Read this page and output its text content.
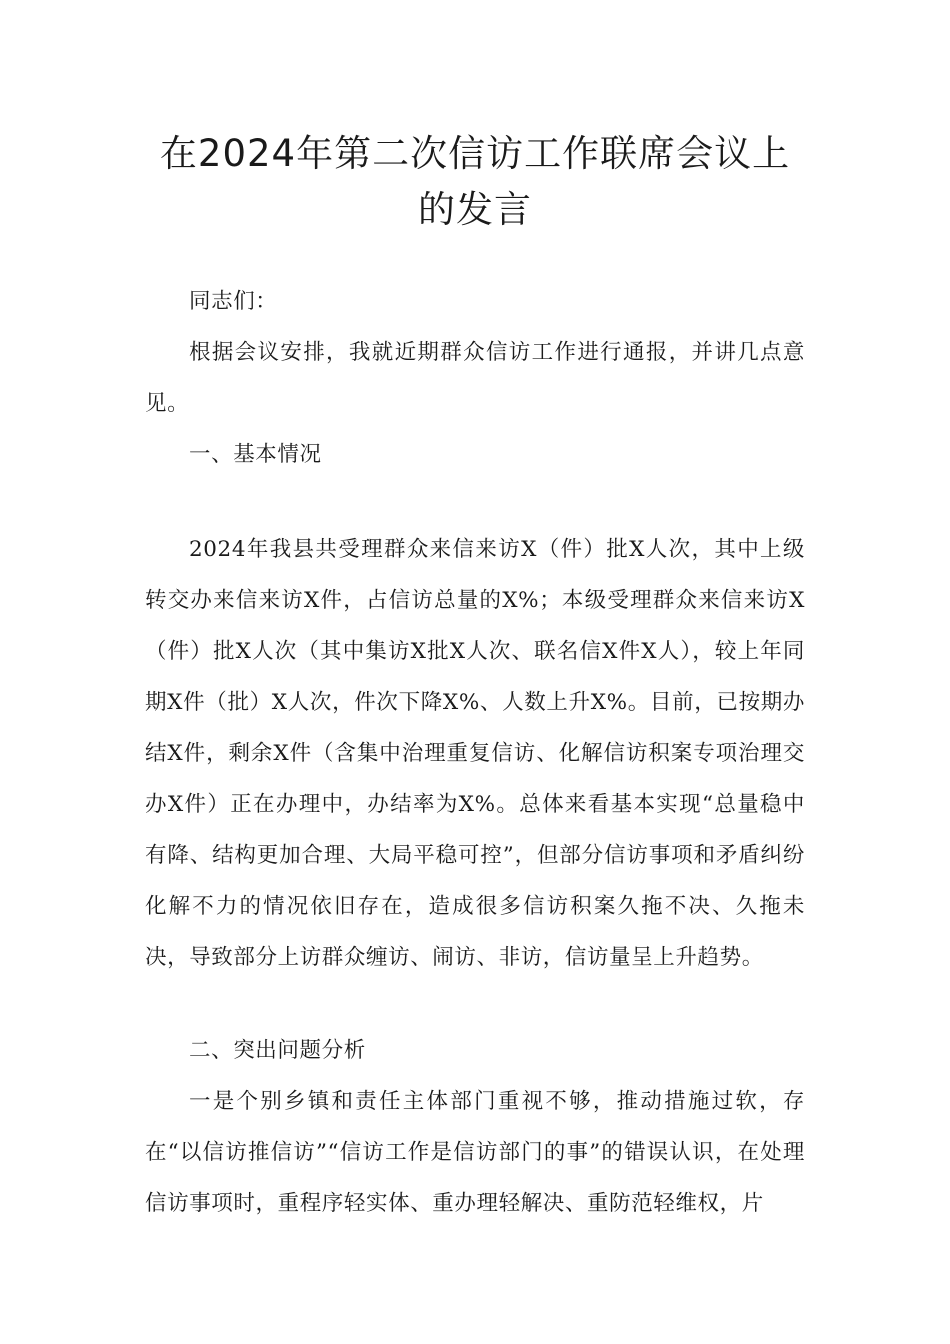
在2024年第二次信访工作联席会议上
的发言

同志们：

根据会议安排，我就近期群众信访工作进行通报，并讲几点意见。

一、基本情况

2024年我县共受理群众来信来访X（件）批X人次，其中上级转交办来信来访X件，占信访总量的X%；本级受理群众来信来访X（件）批X人次（其中集访X批X人次、联名信X件X人），较上年同期X件（批）X人次，件次下降X%、人数上升X%。目前，已按期办结X件，剩余X件（含集中治理重复信访、化解信访积案专项治理交办X件）正在办理中，办结率为X%。总体来看基本实现“总量稳中有降、结构更加合理、大局平稳可控”，但部分信访事项和矛盾纠纷化解不力的情况依旧存在，造成很多信访积案久拖不决、久拖未决，导致部分上访群众缠访、闹访、非访，信访量呈上升趋势。

二、突出问题分析

一是个别乡镇和责任主体部门重视不够，推动措施过软，存在“以信访推信访”“信访工作是信访部门的事”的错误认识，在处理信访事项时，重程序轻实体、重办理轻解决、重防范轻维权，片
